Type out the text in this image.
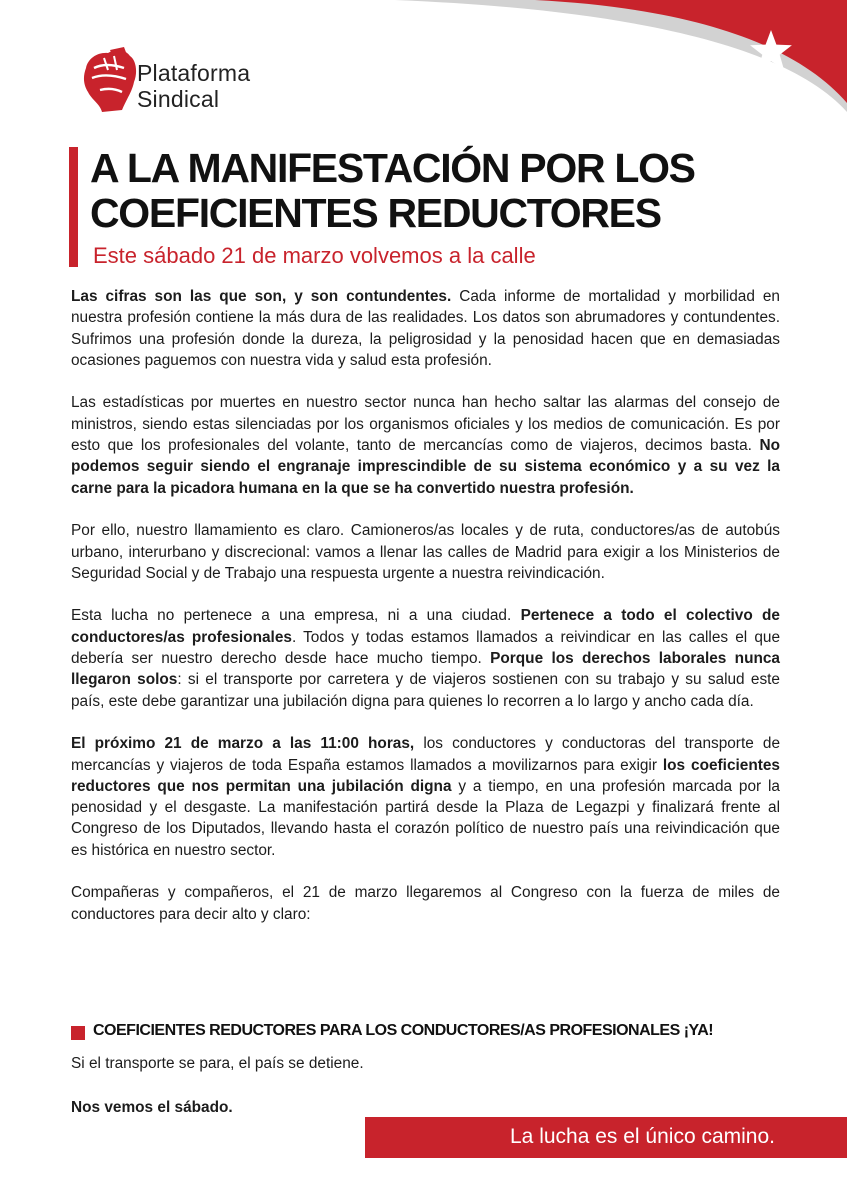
Plataforma
Sindical
A LA MANIFESTACIÓN POR LOS
COEFICIENTES REDUCTORES
Este sábado 21 de marzo volvemos a la calle

Las cifras son las que son, y son contundentes. Cada informe de mortalidad y morbilidad en nuestra profesión contiene la más dura de las realidades. Los datos son abrumadores y contundentes. Sufrimos una profesión donde la dureza, la peligrosidad y la penosidad hacen que en demasiadas ocasiones paguemos con nuestra vida y salud esta profesión.

Las estadísticas por muertes en nuestro sector nunca han hecho saltar las alarmas del consejo de ministros, siendo estas silenciadas por los organismos oficiales y los medios de comunicación. Es por esto que los profesionales del volante, tanto de mercancías como de viajeros, decimos basta. No podemos seguir siendo el engranaje imprescindible de su sistema económico y a su vez la carne para la picadora humana en la que se ha convertido nuestra profesión.

Por ello, nuestro llamamiento es claro. Camioneros/as locales y de ruta, conductores/as de autobús urbano, interurbano y discrecional: vamos a llenar las calles de Madrid para exigir a los Ministerios de Seguridad Social y de Trabajo una respuesta urgente a nuestra reivindicación.

Esta lucha no pertenece a una empresa, ni a una ciudad. Pertenece a todo el colectivo de conductores/as profesionales. Todos y todas estamos llamados a reivindicar en las calles el que debería ser nuestro derecho desde hace mucho tiempo. Porque los derechos laborales nunca llegaron solos: si el transporte por carretera y de viajeros sostienen con su trabajo y su salud este país, este debe garantizar una jubilación digna para quienes lo recorren a lo largo y ancho cada día.

El próximo 21 de marzo a las 11:00 horas, los conductores y conductoras del transporte de mercancías y viajeros de toda España estamos llamados a movilizarnos para exigir los coeficientes reductores que nos permitan una jubilación digna y a tiempo, en una profesión marcada por la penosidad y el desgaste. La manifestación partirá desde la Plaza de Legazpi y finalizará frente al Congreso de los Diputados, llevando hasta el corazón político de nuestro país una reivindicación que es histórica en nuestro sector.

Compañeras y compañeros, el 21 de marzo llegaremos al Congreso con la fuerza de miles de conductores para decir alto y claro:

COEFICIENTES REDUCTORES PARA LOS CONDUCTORES/AS PROFESIONALES ¡YA!
Si el transporte se para, el país se detiene.
Nos vemos el sábado.
La lucha es el único camino.
